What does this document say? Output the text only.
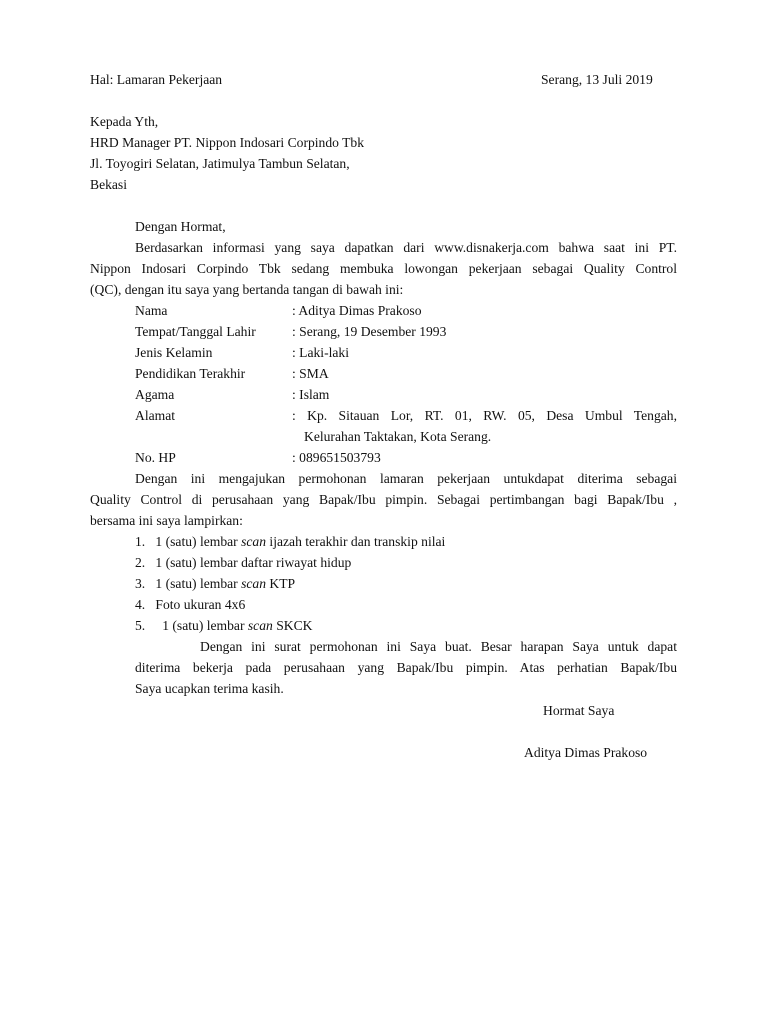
Hal: Lamaran Pekerjaan	Serang, 13 Juli 2019
Kepada Yth,
HRD Manager PT. Nippon Indosari Corpindo Tbk
Jl. Toyogiri Selatan, Jatimulya Tambun Selatan,
Bekasi
Dengan Hormat,
Berdasarkan informasi yang saya dapatkan dari www.disnakerja.com bahwa saat ini PT.
Nippon Indosari Corpindo Tbk sedang membuka lowongan pekerjaan sebagai Quality Control
(QC), dengan itu saya yang bertanda tangan di bawah ini:
Nama	: Aditya Dimas Prakoso
Tempat/Tanggal Lahir	: Serang, 19 Desember 1993
Jenis Kelamin	: Laki-laki
Pendidikan Terakhir	: SMA
Agama	: Islam
Alamat	: Kp. Sitauan Lor, RT. 01, RW. 05, Desa Umbul Tengah,
Kelurahan Taktakan, Kota Serang.
No. HP	: 089651503793
Dengan ini mengajukan permohonan lamaran pekerjaan untukdapat diterima sebagai
Quality Control di perusahaan yang Bapak/Ibu pimpin. Sebagai pertimbangan bagi Bapak/Ibu ,
bersama ini saya lampirkan:
1. 1 (satu) lembar scan ijazah terakhir dan transkip nilai
2. 1 (satu) lembar daftar riwayat hidup
3. 1 (satu) lembar scan KTP
4. Foto ukuran 4x6
5. 1 (satu) lembar scan SKCK
Dengan ini surat permohonan ini Saya buat. Besar harapan Saya untuk dapat
diterima bekerja pada perusahaan yang Bapak/Ibu pimpin. Atas perhatian Bapak/Ibu
Saya ucapkan terima kasih.
Hormat Saya
Aditya Dimas Prakoso
